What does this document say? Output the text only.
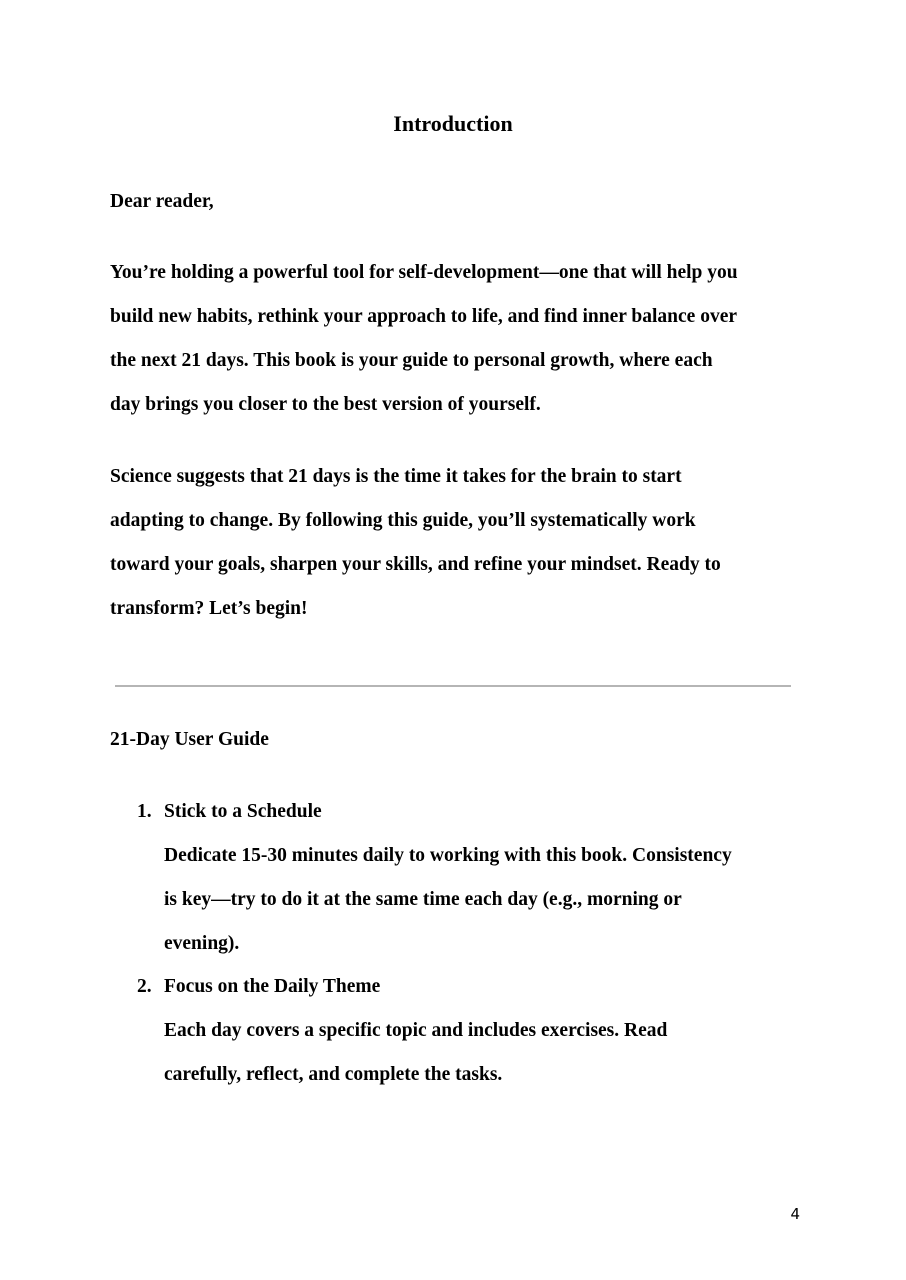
Introduction

Dear reader,

You’re holding a powerful tool for self-development—one that will help you
build new habits, rethink your approach to life, and find inner balance over
the next 21 days. This book is your guide to personal growth, where each
day brings you closer to the best version of yourself.
Science suggests that 21 days is the time it takes for the brain to start
adapting to change. By following this guide, you’ll systematically work
toward your goals, sharpen your skills, and refine your mindset. Ready to
transform? Let’s begin!

21-Day User Guide

1. Stick to a Schedule
Dedicate 15-30 minutes daily to working with this book. Consistency
is key—try to do it at the same time each day (e.g., morning or
evening).
2. Focus on the Daily Theme
Each day covers a specific topic and includes exercises. Read
carefully, reflect, and complete the tasks.

4
